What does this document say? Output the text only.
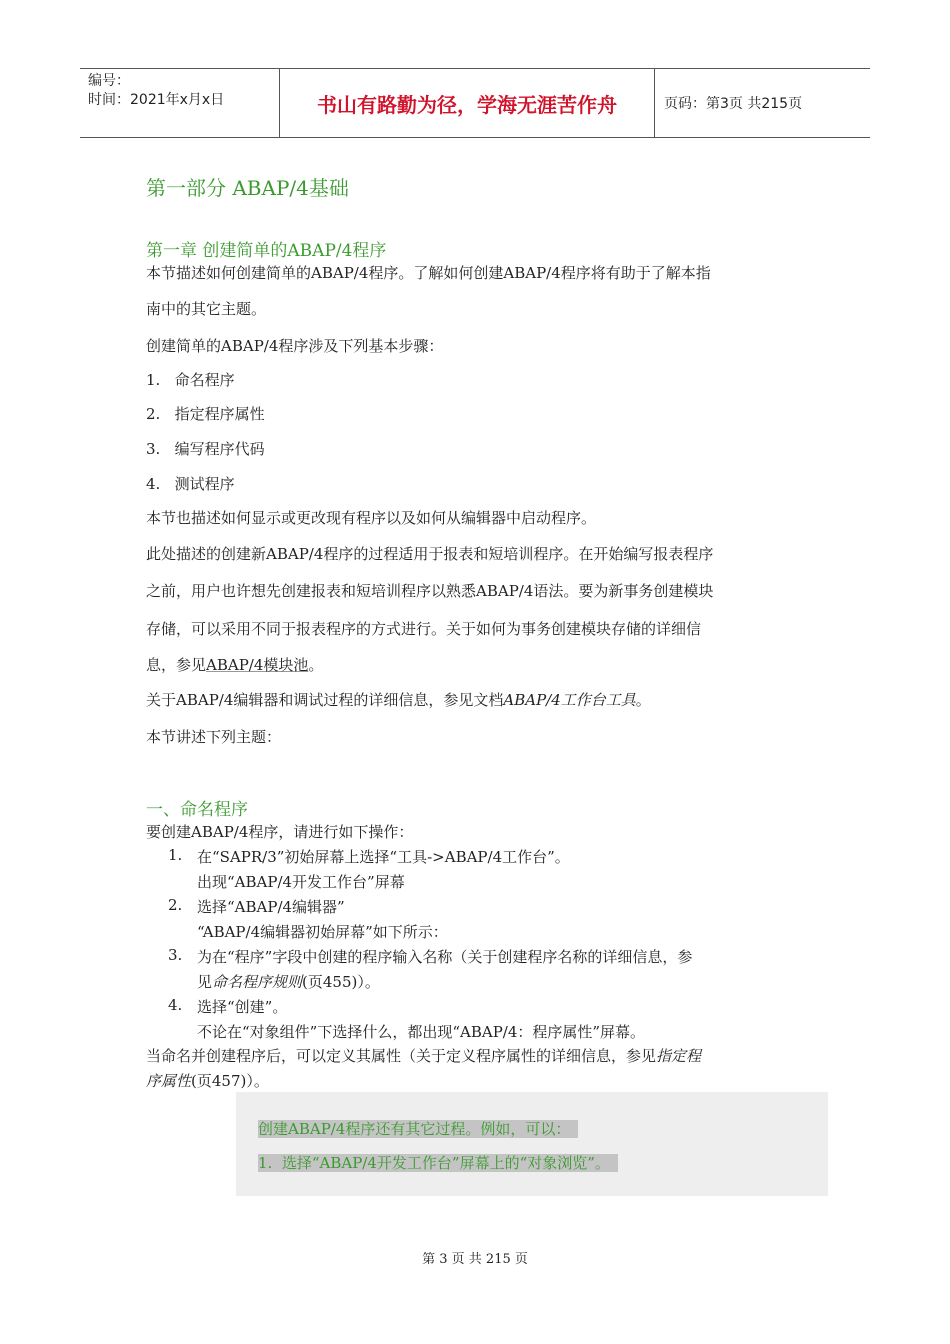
编号：
时间：2021年x月x日	书山有路勤为径，学海无涯苦作舟	页码：第3页 共215页
第一部分 ABAP/4基础
第一章 创建简单的ABAP/4程序
本节描述如何创建简单的ABAP/4程序。了解如何创建ABAP/4程序将有助于了解本指
南中的其它主题。
创建简单的ABAP/4程序涉及下列基本步骤：
1.   命名程序
2.   指定程序属性
3.   编写程序代码
4.   测试程序
本节也描述如何显示或更改现有程序以及如何从编辑器中启动程序。
此处描述的创建新ABAP/4程序的过程适用于报表和短培训程序。在开始编写报表程序
之前，用户也许想先创建报表和短培训程序以熟悉ABAP/4语法。要为新事务创建模块
存储，可以采用不同于报表程序的方式进行。关于如何为事务创建模块存储的详细信
息，参见ABAP/4模块池。
关于ABAP/4编辑器和调试过程的详细信息，参见文档ABAP/4工作台工具。
本节讲述下列主题：
一、命名程序
要创建ABAP/4程序，请进行如下操作：
1. 在“SAPR/3”初始屏幕上选择“工具->ABAP/4工作台”。
出现“ABAP/4开发工作台”屏幕
2. 选择“ABAP/4编辑器”
“ABAP/4编辑器初始屏幕”如下所示：
3. 为在“程序”字段中创建的程序输入名称（关于创建程序名称的详细信息，参
见命名程序规则(页455)）。
4. 选择“创建”。
不论在“对象组件”下选择什么，都出现“ABAP/4：程序属性”屏幕。
当命名并创建程序后，可以定义其属性（关于定义程序属性的详细信息，参见指定程
序属性(页457)）。
创建ABAP/4程序还有其它过程。例如，可以：
1.  选择“ABAP/4开发工作台”屏幕上的“对象浏览”。
第 3 页 共 215 页
